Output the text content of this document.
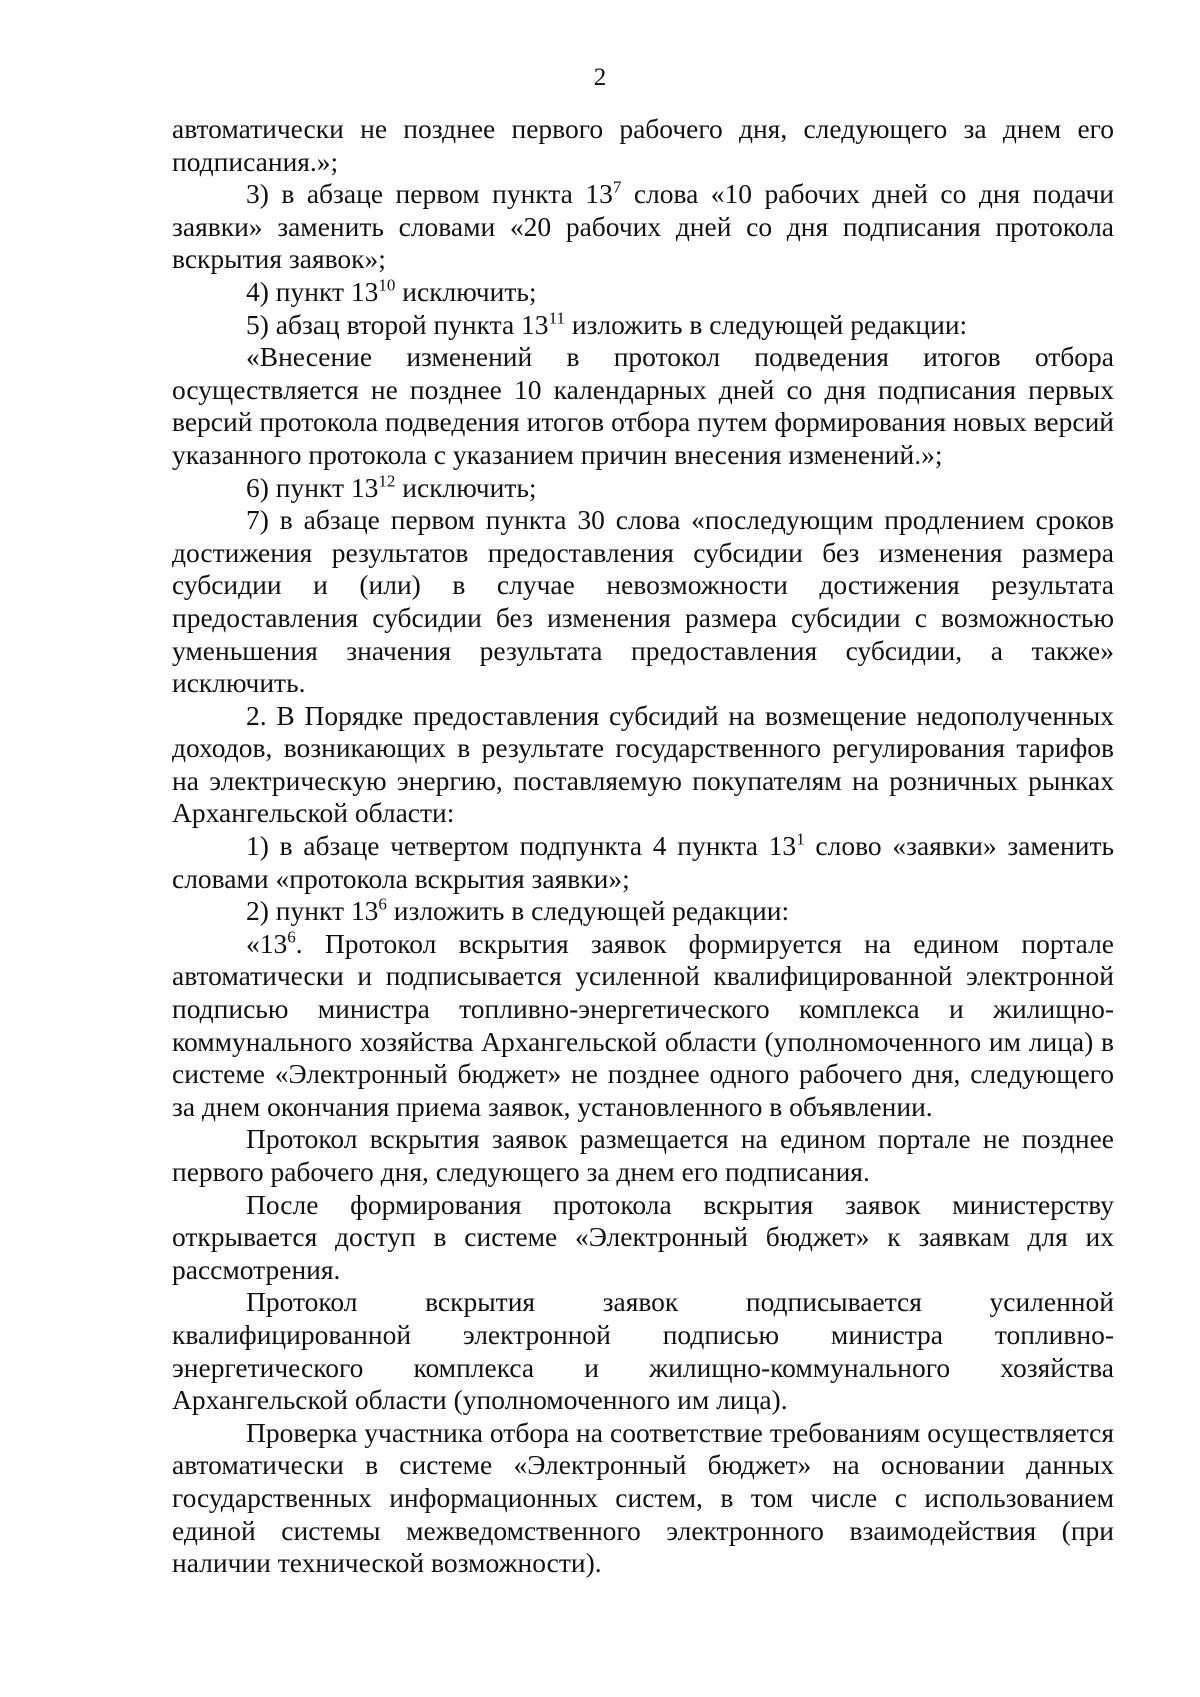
2

автоматически не позднее первого рабочего дня, следующего за днем его подписания.»;

3) в абзаце первом пункта $13^7$ слова «10 рабочих дней со дня подачи заявки» заменить словами «20 рабочих дней со дня подписания протокола вскрытия заявок»;

4) пункт $13^{10}$ исключить;

5) абзац второй пункта $13^{11}$ изложить в следующей редакции:

«Внесение изменений в протокол подведения итогов отбора осуществляется не позднее 10 календарных дней со дня подписания первых версий протокола подведения итогов отбора путем формирования новых версий указанного протокола с указанием причин внесения изменений.»;

6) пункт $13^{12}$ исключить;

7) в абзаце первом пункта 30 слова «последующим продлением сроков достижения результатов предоставления субсидии без изменения размера субсидии и (или) в случае невозможности достижения результата предоставления субсидии без изменения размера субсидии с возможностью уменьшения значения результата предоставления субсидии, а также» исключить.

2. В Порядке предоставления субсидий на возмещение недополученных доходов, возникающих в результате государственного регулирования тарифов на электрическую энергию, поставляемую покупателям на розничных рынках Архангельской области:

1) в абзаце четвертом подпункта 4 пункта $13^1$ слово «заявки» заменить словами «протокола вскрытия заявки»;

2) пункт $13^6$ изложить в следующей редакции:

«$13^6$. Протокол вскрытия заявок формируется на едином портале автоматически и подписывается усиленной квалифицированной электронной подписью министра топливно-энергетического комплекса и жилищно-коммунального хозяйства Архангельской области (уполномоченного им лица) в системе «Электронный бюджет» не позднее одного рабочего дня, следующего за днем окончания приема заявок, установленного в объявлении.

Протокол вскрытия заявок размещается на едином портале не позднее первого рабочего дня, следующего за днем его подписания.

После формирования протокола вскрытия заявок министерству открывается доступ в системе «Электронный бюджет» к заявкам для их рассмотрения.

Протокол вскрытия заявок подписывается усиленной квалифицированной электронной подписью министра топливно-энергетического комплекса и жилищно-коммунального хозяйства Архангельской области (уполномоченного им лица).

Проверка участника отбора на соответствие требованиям осуществляется автоматически в системе «Электронный бюджет» на основании данных государственных информационных систем, в том числе с использованием единой системы межведомственного электронного взаимодействия (при наличии технической возможности).
